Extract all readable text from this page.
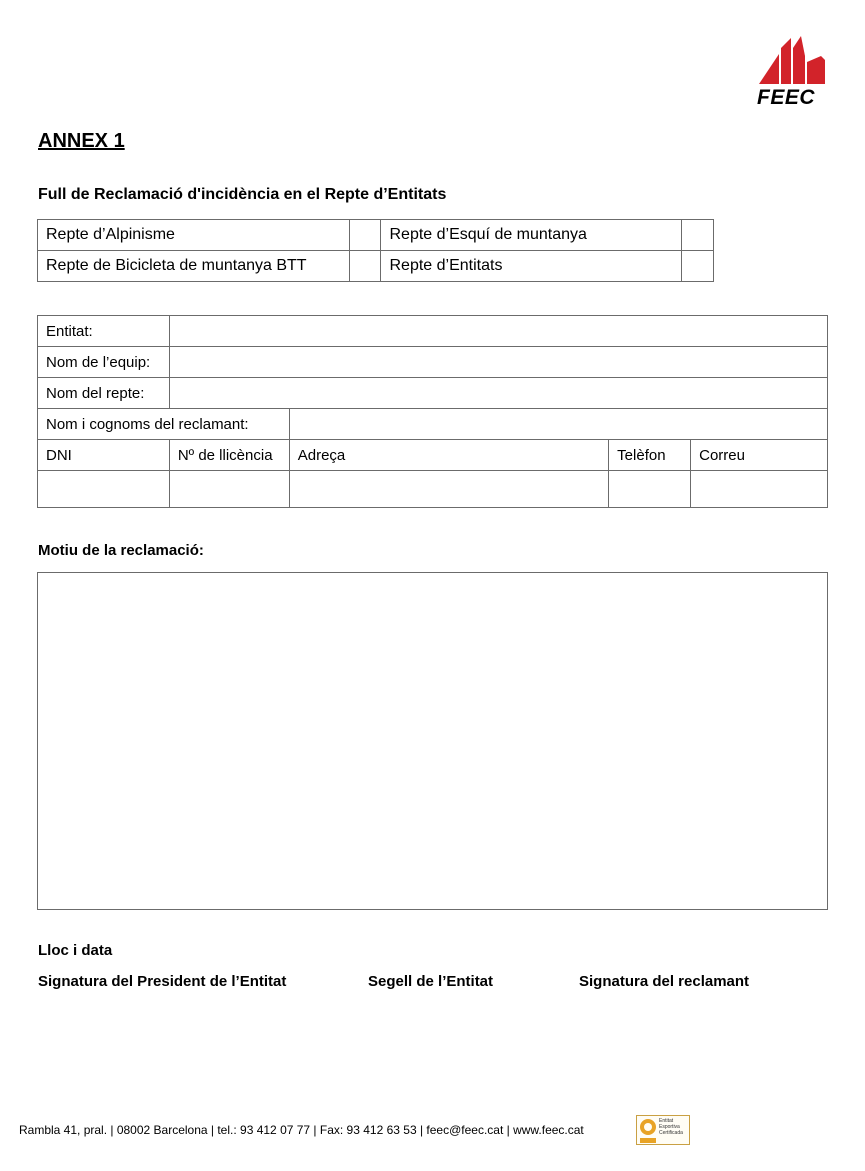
FEEC
ANNEX 1
Full de Reclamació d'incidència en el Repte d’Entitats
Repte d’Alpinisme		Repte d’Esquí de muntanya	
Repte de Bicicleta de muntanya BTT		Repte d’Entitats	
Entitat:				
Nom de l’equip:				
Nom del repte:				
Nom i cognoms del reclamant:				
DNI	Nº de llicència	Adreça	Telèfon	Correu

Motiu de la reclamació:
Lloc i data
Signatura del President de l’Entitat	Segell de l’Entitat	Signatura del reclamant
Rambla 41, pral. | 08002 Barcelona | tel.: 93 412 07 77 | Fax: 93 412 63 53 | feec@feec.cat | www.feec.cat
Entitat
Esportiva
Certificada
